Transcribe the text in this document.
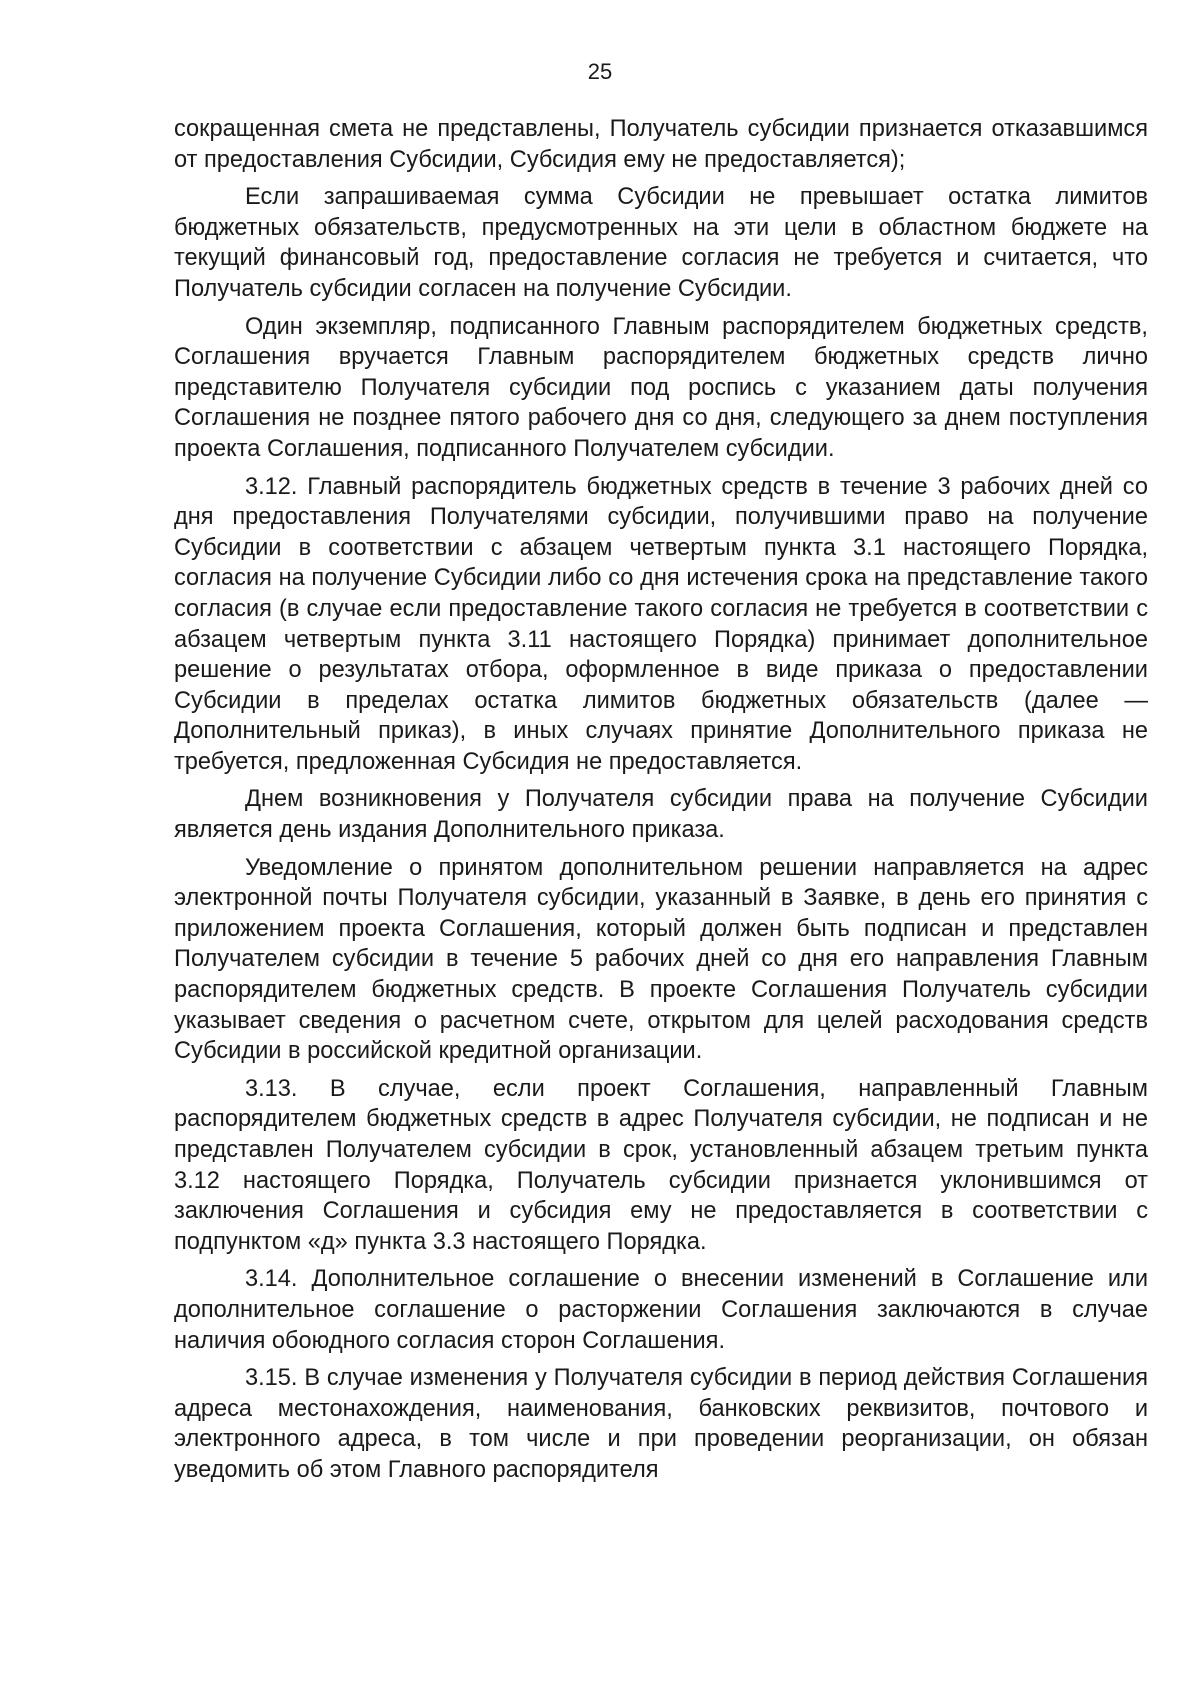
25

сокращенная смета не представлены, Получатель субсидии признается отказавшимся от предоставления Субсидии, Субсидия ему не предоставляется);

Если запрашиваемая сумма Субсидии не превышает остатка лимитов бюджетных обязательств, предусмотренных на эти цели в областном бюджете на текущий финансовый год, предоставление согласия не требуется и считается, что Получатель субсидии согласен на получение Субсидии.

Один экземпляр, подписанного Главным распорядителем бюджетных средств, Соглашения вручается Главным распорядителем бюджетных средств лично представителю Получателя субсидии под роспись с указанием даты получения Соглашения не позднее пятого рабочего дня со дня, следующего за днем поступления проекта Соглашения, подписанного Получателем субсидии.

3.12. Главный распорядитель бюджетных средств в течение 3 рабочих дней со дня предоставления Получателями субсидии, получившими право на получение Субсидии в соответствии с абзацем четвертым пункта 3.1 настоящего Порядка, согласия на получение Субсидии либо со дня истечения срока на представление такого согласия (в случае если предоставление такого согласия не требуется в соответствии с абзацем четвертым пункта 3.11 настоящего Порядка) принимает дополнительное решение о результатах отбора, оформленное в виде приказа о предоставлении Субсидии в пределах остатка лимитов бюджетных обязательств (далее — Дополнительный приказ), в иных случаях принятие Дополнительного приказа не требуется, предложенная Субсидия не предоставляется.

Днем возникновения у Получателя субсидии права на получение Субсидии является день издания Дополнительного приказа.

Уведомление о принятом дополнительном решении направляется на адрес электронной почты Получателя субсидии, указанный в Заявке, в день его принятия с приложением проекта Соглашения, который должен быть подписан и представлен Получателем субсидии в течение 5 рабочих дней со дня его направления Главным распорядителем бюджетных средств. В проекте Соглашения Получатель субсидии указывает сведения о расчетном счете, открытом для целей расходования средств Субсидии в российской кредитной организации.

3.13. В случае, если проект Соглашения, направленный Главным распорядителем бюджетных средств в адрес Получателя субсидии, не подписан и не представлен Получателем субсидии в срок, установленный абзацем третьим пункта 3.12 настоящего Порядка, Получатель субсидии признается уклонившимся от заключения Соглашения и субсидия ему не предоставляется в соответствии с подпунктом «д» пункта 3.3 настоящего Порядка.

3.14. Дополнительное соглашение о внесении изменений в Соглашение или дополнительное соглашение о расторжении Соглашения заключаются в случае наличия обоюдного согласия сторон Соглашения.

3.15. В случае изменения у Получателя субсидии в период действия Соглашения адреса местонахождения, наименования, банковских реквизитов, почтового и электронного адреса, в том числе и при проведении реорганизации, он обязан уведомить об этом Главного распорядителя
